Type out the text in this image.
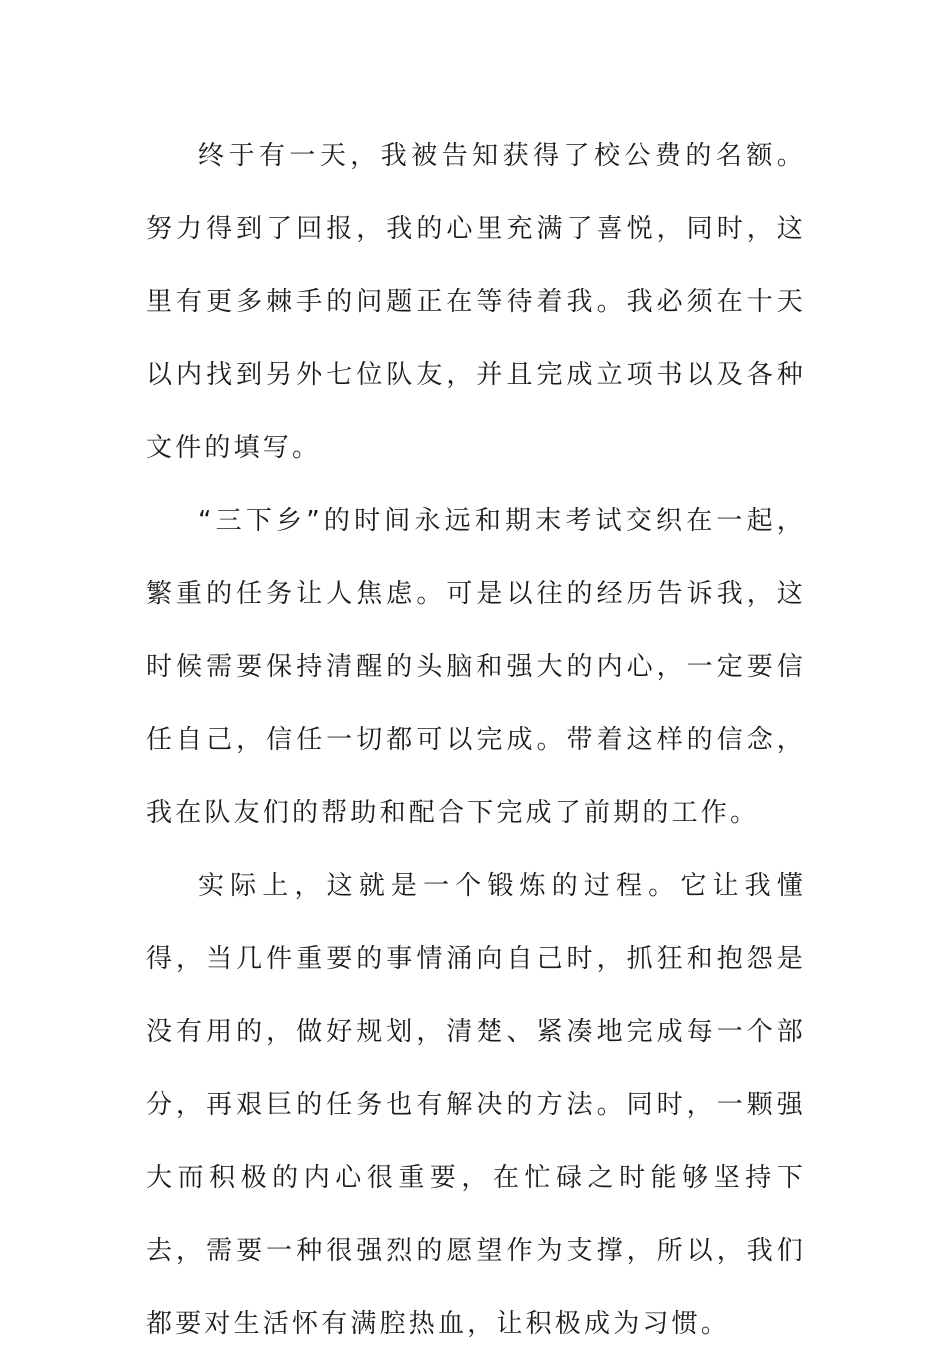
终于有一天，我被告知获得了校公费的名额。努力得到了回报，我的心里充满了喜悦，同时，这里有更多棘手的问题正在等待着我。我必须在十天以内找到另外七位队友，并且完成立项书以及各种文件的填写。

“三下乡”的时间永远和期末考试交织在一起，繁重的任务让人焦虑。可是以往的经历告诉我，这时候需要保持清醒的头脑和强大的内心，一定要信任自己，信任一切都可以完成。带着这样的信念，我在队友们的帮助和配合下完成了前期的工作。

实际上，这就是一个锻炼的过程。它让我懂得，当几件重要的事情涌向自己时，抓狂和抱怨是没有用的，做好规划，清楚、紧凑地完成每一个部分，再艰巨的任务也有解决的方法。同时，一颗强大而积极的内心很重要，在忙碌之时能够坚持下去，需要一种很强烈的愿望作为支撑，所以，我们都要对生活怀有满腔热血，让积极成为习惯。
